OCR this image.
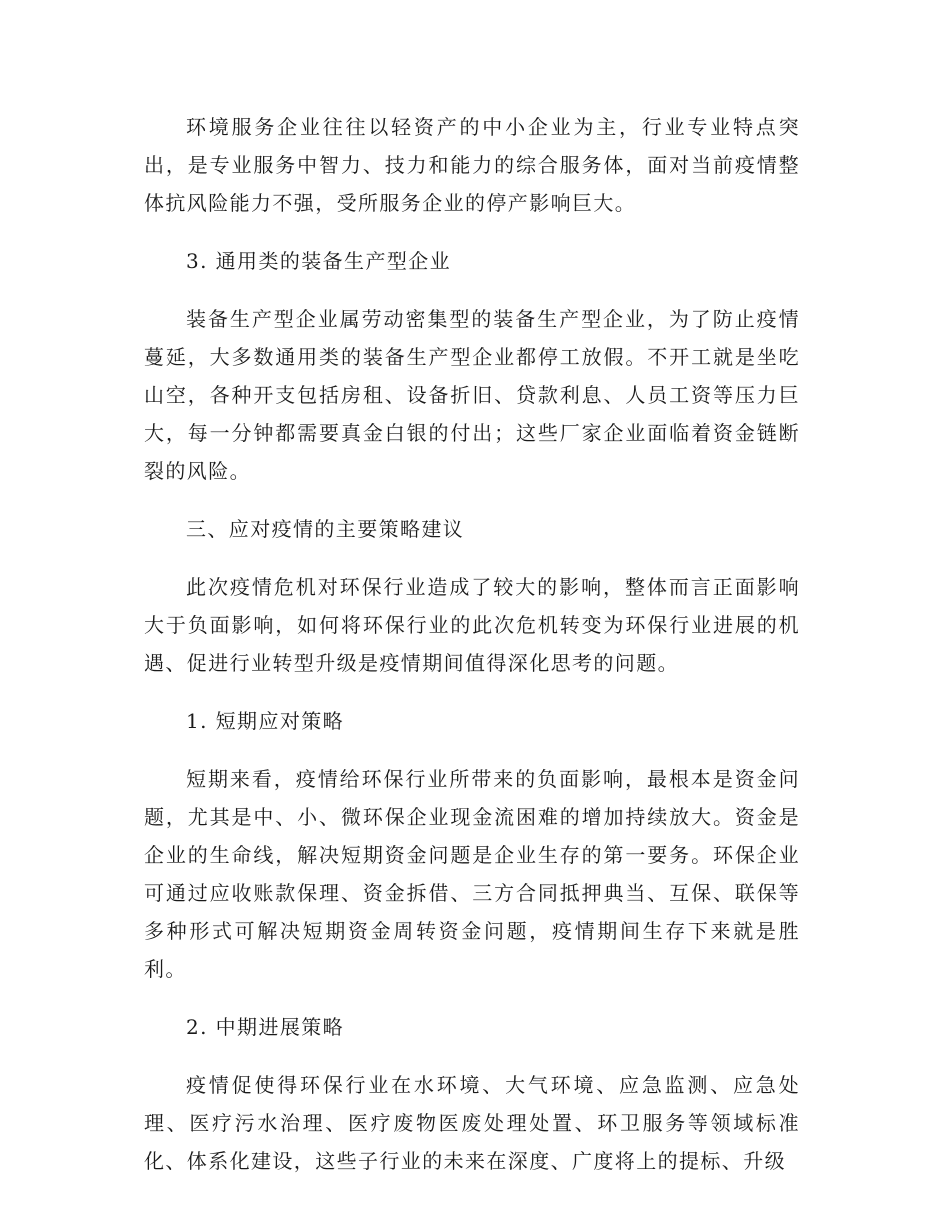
环境服务企业往往以轻资产的中小企业为主，行业专业特点突出，是专业服务中智力、技力和能力的综合服务体，面对当前疫情整体抗风险能力不强，受所服务企业的停产影响巨大。

3. 通用类的装备生产型企业

装备生产型企业属劳动密集型的装备生产型企业，为了防止疫情蔓延，大多数通用类的装备生产型企业都停工放假。不开工就是坐吃山空，各种开支包括房租、设备折旧、贷款利息、人员工资等压力巨大，每一分钟都需要真金白银的付出；这些厂家企业面临着资金链断裂的风险。

三、应对疫情的主要策略建议

此次疫情危机对环保行业造成了较大的影响，整体而言正面影响大于负面影响，如何将环保行业的此次危机转变为环保行业进展的机遇、促进行业转型升级是疫情期间值得深化思考的问题。

1. 短期应对策略

短期来看，疫情给环保行业所带来的负面影响，最根本是资金问题，尤其是中、小、微环保企业现金流困难的增加持续放大。资金是企业的生命线，解决短期资金问题是企业生存的第一要务。环保企业可通过应收账款保理、资金拆借、三方合同抵押典当、互保、联保等多种形式可解决短期资金周转资金问题，疫情期间生存下来就是胜利。

2. 中期进展策略

疫情促使得环保行业在水环境、大气环境、应急监测、应急处理、医疗污水治理、医疗废物医废处理处置、环卫服务等领域标准化、体系化建设，这些子行业的未来在深度、广度将上的提标、升级
